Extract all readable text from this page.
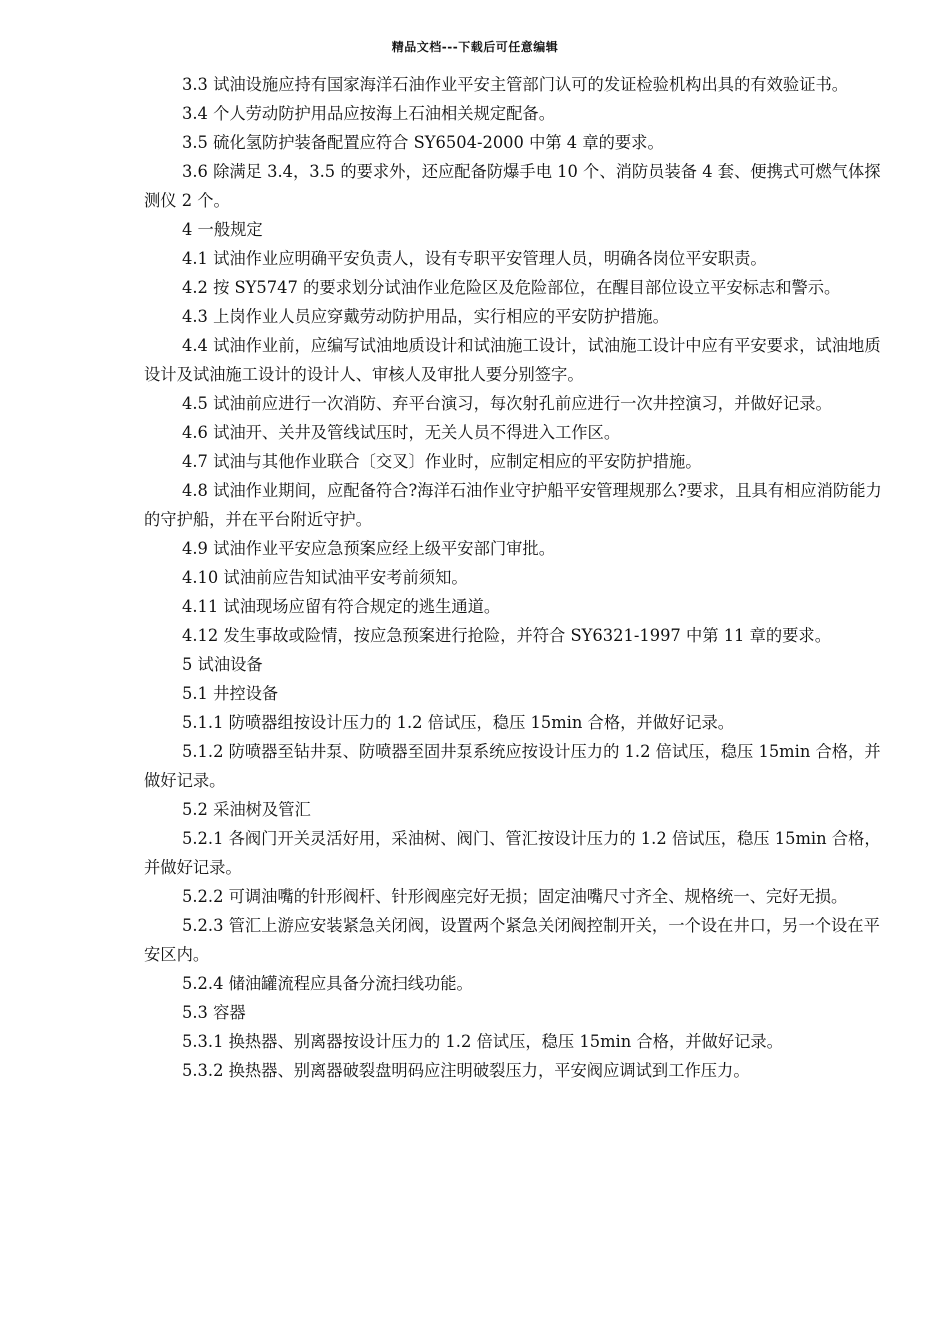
精品文档---下载后可任意编辑

3.3 试油设施应持有国家海洋石油作业平安主管部门认可的发证检验机构出具的有效验证书。

3.4 个人劳动防护用品应按海上石油相关规定配备。

3.5 硫化氢防护装备配置应符合 SY6504-2000 中第 4 章的要求。

3.6 除满足 3.4，3.5 的要求外，还应配备防爆手电 10 个、消防员装备 4 套、便携式可燃气体探测仪 2 个。

4 一般规定

4.1 试油作业应明确平安负责人，设有专职平安管理人员，明确各岗位平安职责。

4.2 按 SY5747 的要求划分试油作业危险区及危险部位，在醒目部位设立平安标志和警示。

4.3 上岗作业人员应穿戴劳动防护用品，实行相应的平安防护措施。

4.4 试油作业前，应编写试油地质设计和试油施工设计，试油施工设计中应有平安要求，试油地质设计及试油施工设计的设计人、审核人及审批人要分别签字。

4.5 试油前应进行一次消防、弃平台演习，每次射孔前应进行一次井控演习，并做好记录。

4.6 试油开、关井及管线试压时，无关人员不得进入工作区。

4.7 试油与其他作业联合〔交叉〕作业时，应制定相应的平安防护措施。

4.8 试油作业期间，应配备符合?海洋石油作业守护船平安管理规那么?要求，且具有相应消防能力的守护船，并在平台附近守护。

4.9 试油作业平安应急预案应经上级平安部门审批。

4.10 试油前应告知试油平安考前须知。

4.11 试油现场应留有符合规定的逃生通道。

4.12 发生事故或险情，按应急预案进行抢险，并符合 SY6321-1997 中第 11 章的要求。

5 试油设备

5.1 井控设备

5.1.1 防喷器组按设计压力的 1.2 倍试压，稳压 15min 合格，并做好记录。

5.1.2 防喷器至钻井泵、防喷器至固井泵系统应按设计压力的 1.2 倍试压，稳压 15min 合格，并做好记录。

5.2 采油树及管汇

5.2.1 各阀门开关灵活好用，采油树、阀门、管汇按设计压力的 1.2 倍试压，稳压 15min 合格，并做好记录。

5.2.2 可调油嘴的针形阀杆、针形阀座完好无损；固定油嘴尺寸齐全、规格统一、完好无损。

5.2.3 管汇上游应安装紧急关闭阀，设置两个紧急关闭阀控制开关，一个设在井口，另一个设在平安区内。

5.2.4 储油罐流程应具备分流扫线功能。

5.3 容器

5.3.1 换热器、别离器按设计压力的 1.2 倍试压，稳压 15min 合格，并做好记录。

5.3.2 换热器、别离器破裂盘明码应注明破裂压力，平安阀应调试到工作压力。
